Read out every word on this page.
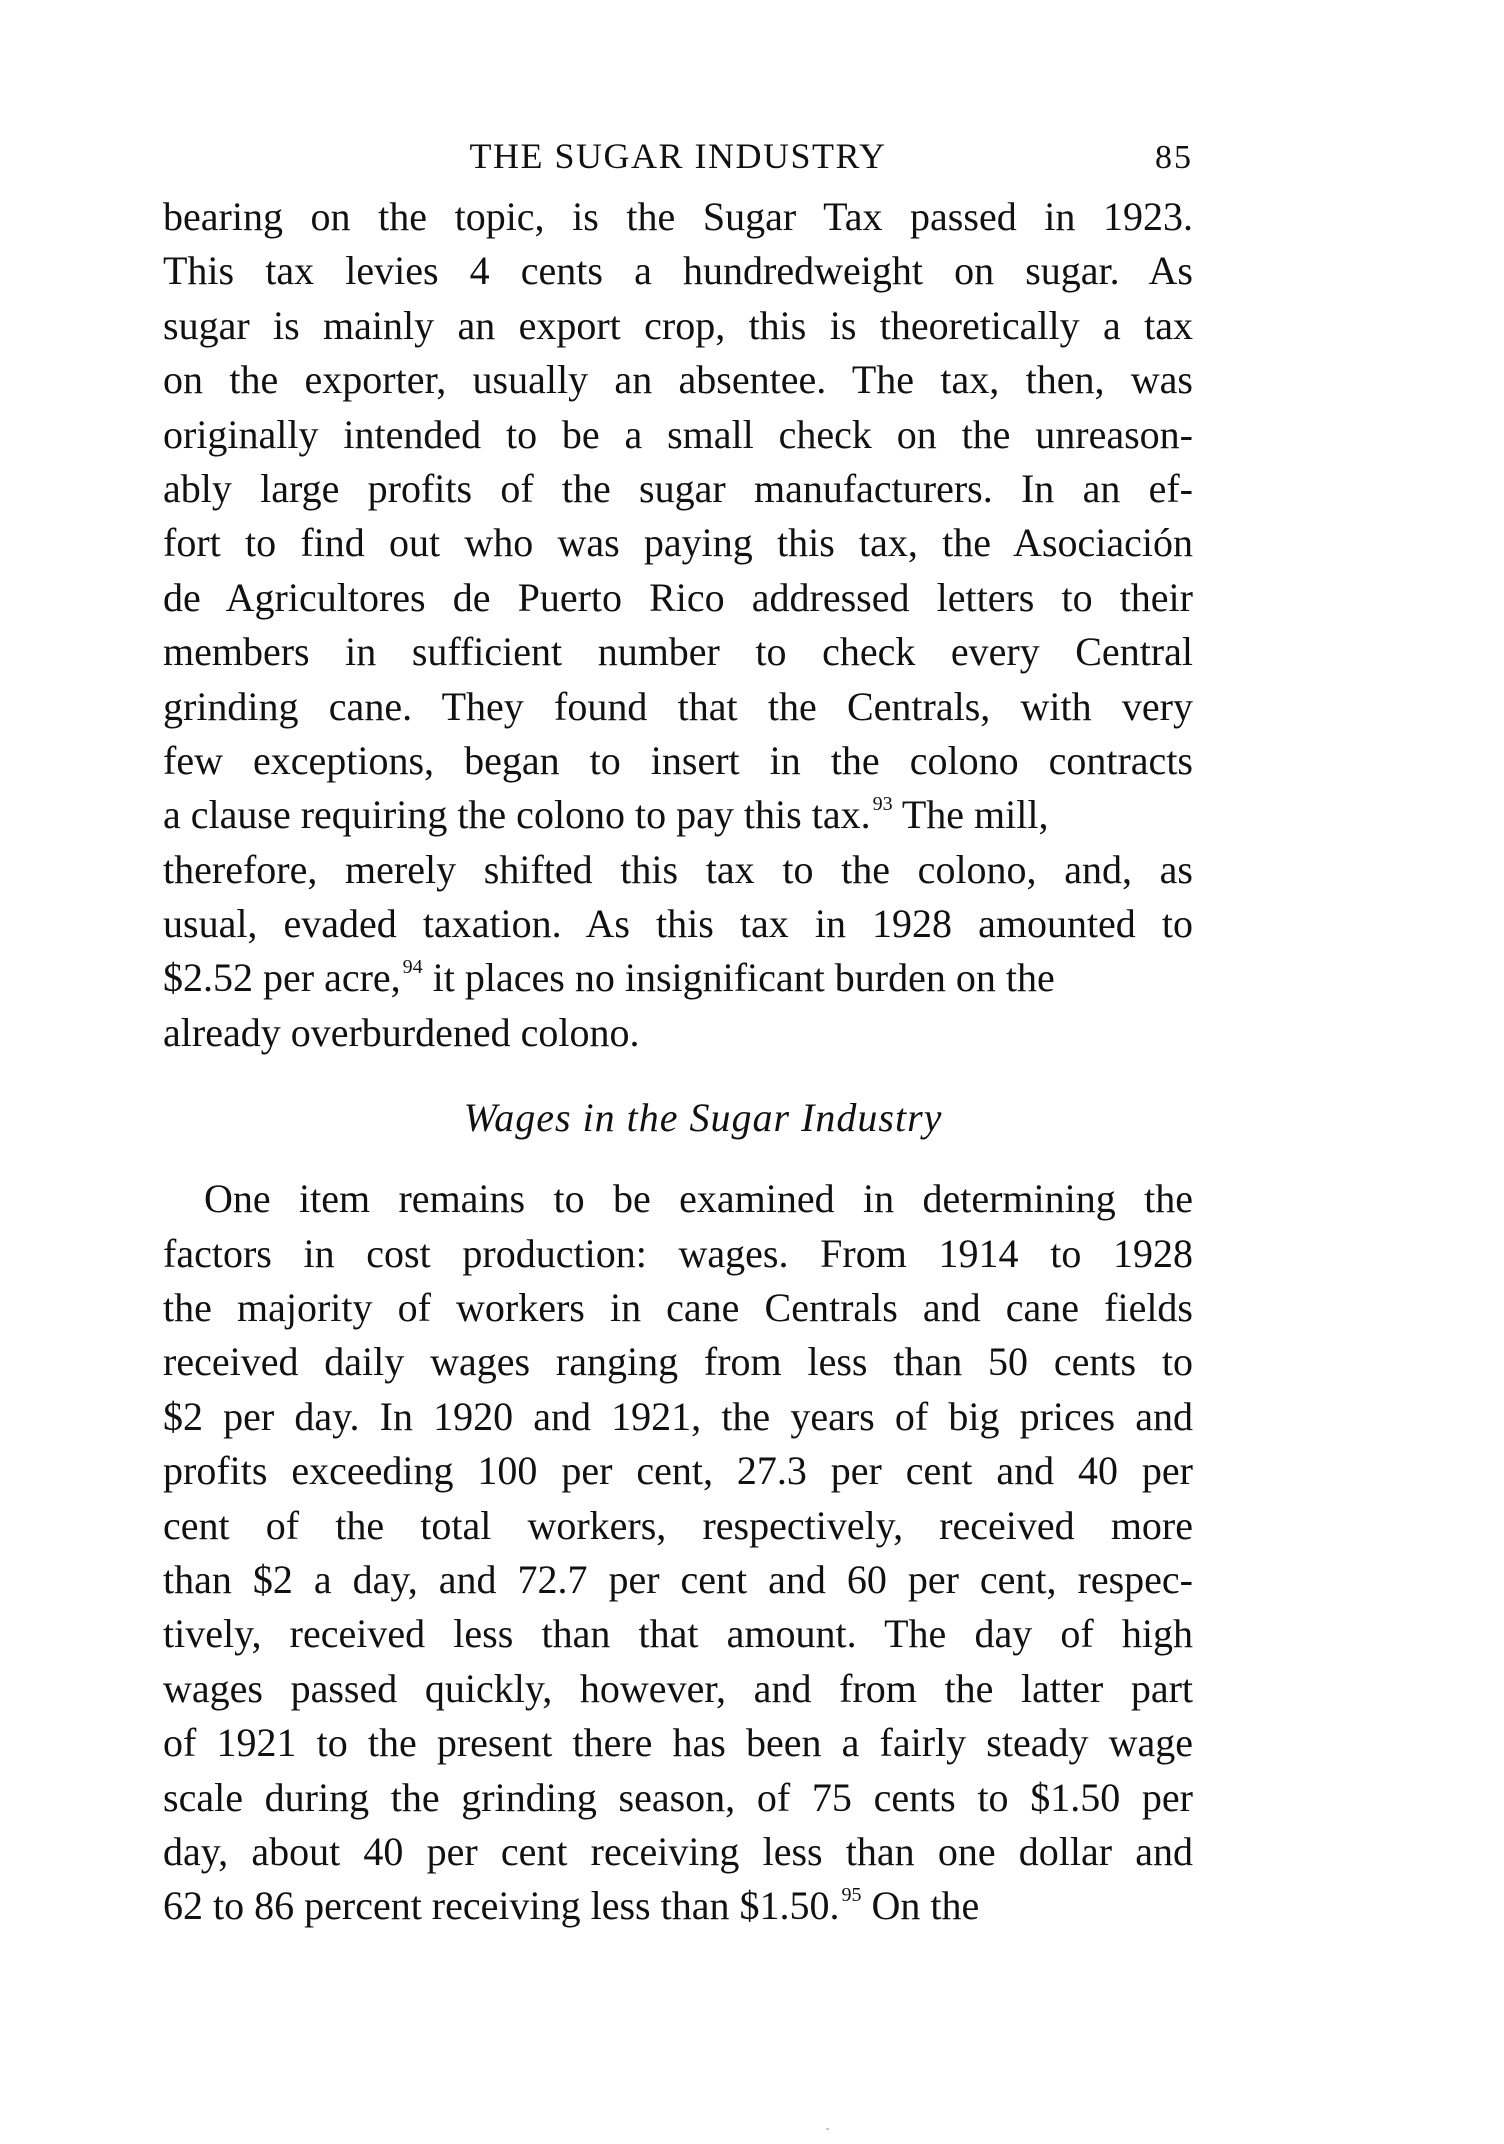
THE SUGAR INDUSTRY	85
bearing on the topic, is the Sugar Tax passed in 1923.
This tax levies 4 cents a hundredweight on sugar. As
sugar is mainly an export crop, this is theoretically a tax
on the exporter, usually an absentee. The tax, then, was
originally intended to be a small check on the unreason-
ably large profits of the sugar manufacturers. In an ef-
fort to find out who was paying this tax, the Asociación
de Agricultores de Puerto Rico addressed letters to their
members in sufficient number to check every Central
grinding cane. They found that the Centrals, with very
few exceptions, began to insert in the colono contracts
a clause requiring the colono to pay this tax. $^{93}$ The mill,
therefore, merely shifted this tax to the colono, and, as
usual, evaded taxation. As this tax in 1928 amounted to
$2.52 per acre, $^{94}$ it places no insignificant burden on the
already overburdened colono.
Wages in the Sugar Industry
One item remains to be examined in determining the
factors in cost production: wages. From 1914 to 1928
the majority of workers in cane Centrals and cane fields
received daily wages ranging from less than 50 cents to
$2 per day. In 1920 and 1921, the years of big prices and
profits exceeding 100 per cent, 27.3 per cent and 40 per
cent of the total workers, respectively, received more
than $2 a day, and 72.7 per cent and 60 per cent, respec-
tively, received less than that amount. The day of high
wages passed quickly, however, and from the latter part
of 1921 to the present there has been a fairly steady wage
scale during the grinding season, of 75 cents to $1.50 per
day, about 40 per cent receiving less than one dollar and
62 to 86 percent receiving less than $1.50. $^{95}$ On the
